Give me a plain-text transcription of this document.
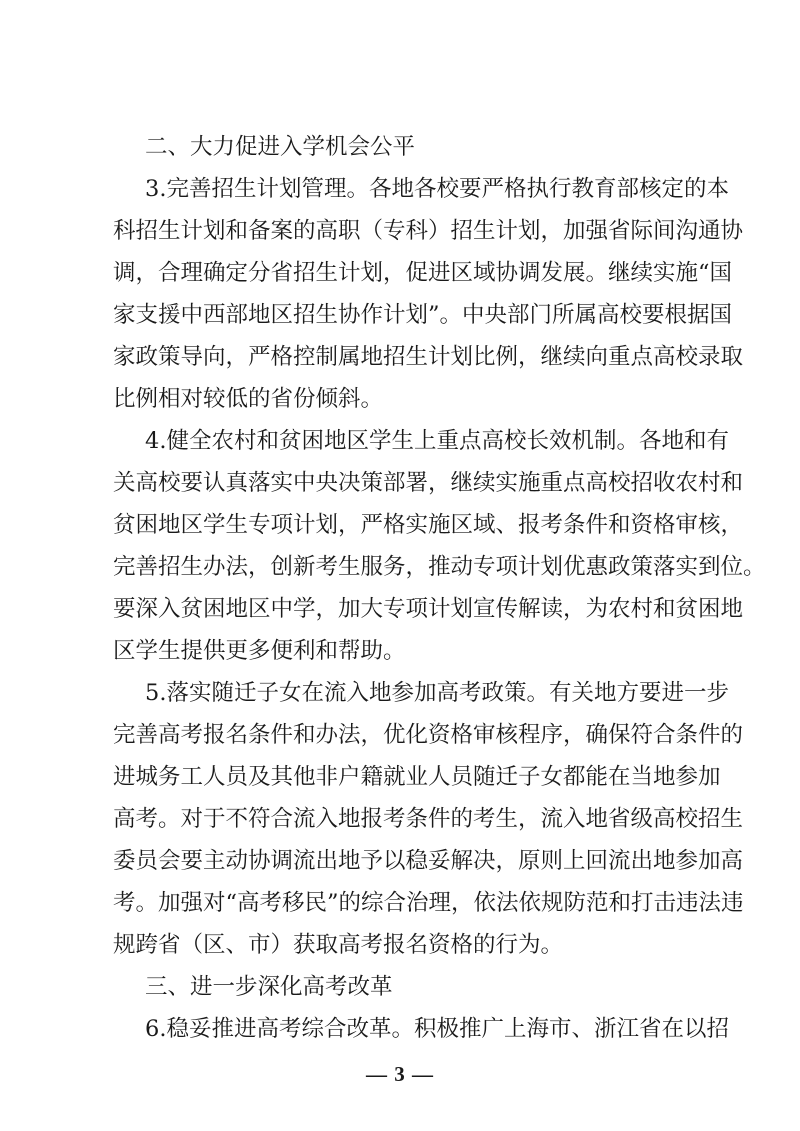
二、大力促进入学机会公平
3.完善招生计划管理。各地各校要严格执行教育部核定的本
科招生计划和备案的高职（专科）招生计划，加强省际间沟通协
调，合理确定分省招生计划，促进区域协调发展。继续实施“国
家支援中西部地区招生协作计划”。中央部门所属高校要根据国
家政策导向，严格控制属地招生计划比例，继续向重点高校录取
比例相对较低的省份倾斜。
4.健全农村和贫困地区学生上重点高校长效机制。各地和有
关高校要认真落实中央决策部署，继续实施重点高校招收农村和
贫困地区学生专项计划，严格实施区域、报考条件和资格审核，
完善招生办法，创新考生服务，推动专项计划优惠政策落实到位。
要深入贫困地区中学，加大专项计划宣传解读，为农村和贫困地
区学生提供更多便利和帮助。
5.落实随迁子女在流入地参加高考政策。有关地方要进一步
完善高考报名条件和办法，优化资格审核程序，确保符合条件的
进城务工人员及其他非户籍就业人员随迁子女都能在当地参加
高考。对于不符合流入地报考条件的考生，流入地省级高校招生
委员会要主动协调流出地予以稳妥解决，原则上回流出地参加高
考。加强对“高考移民”的综合治理，依法依规防范和打击违法违
规跨省（区、市）获取高考报名资格的行为。
三、进一步深化高考改革
6.稳妥推进高考综合改革。积极推广上海市、浙江省在以招
— 3 —
